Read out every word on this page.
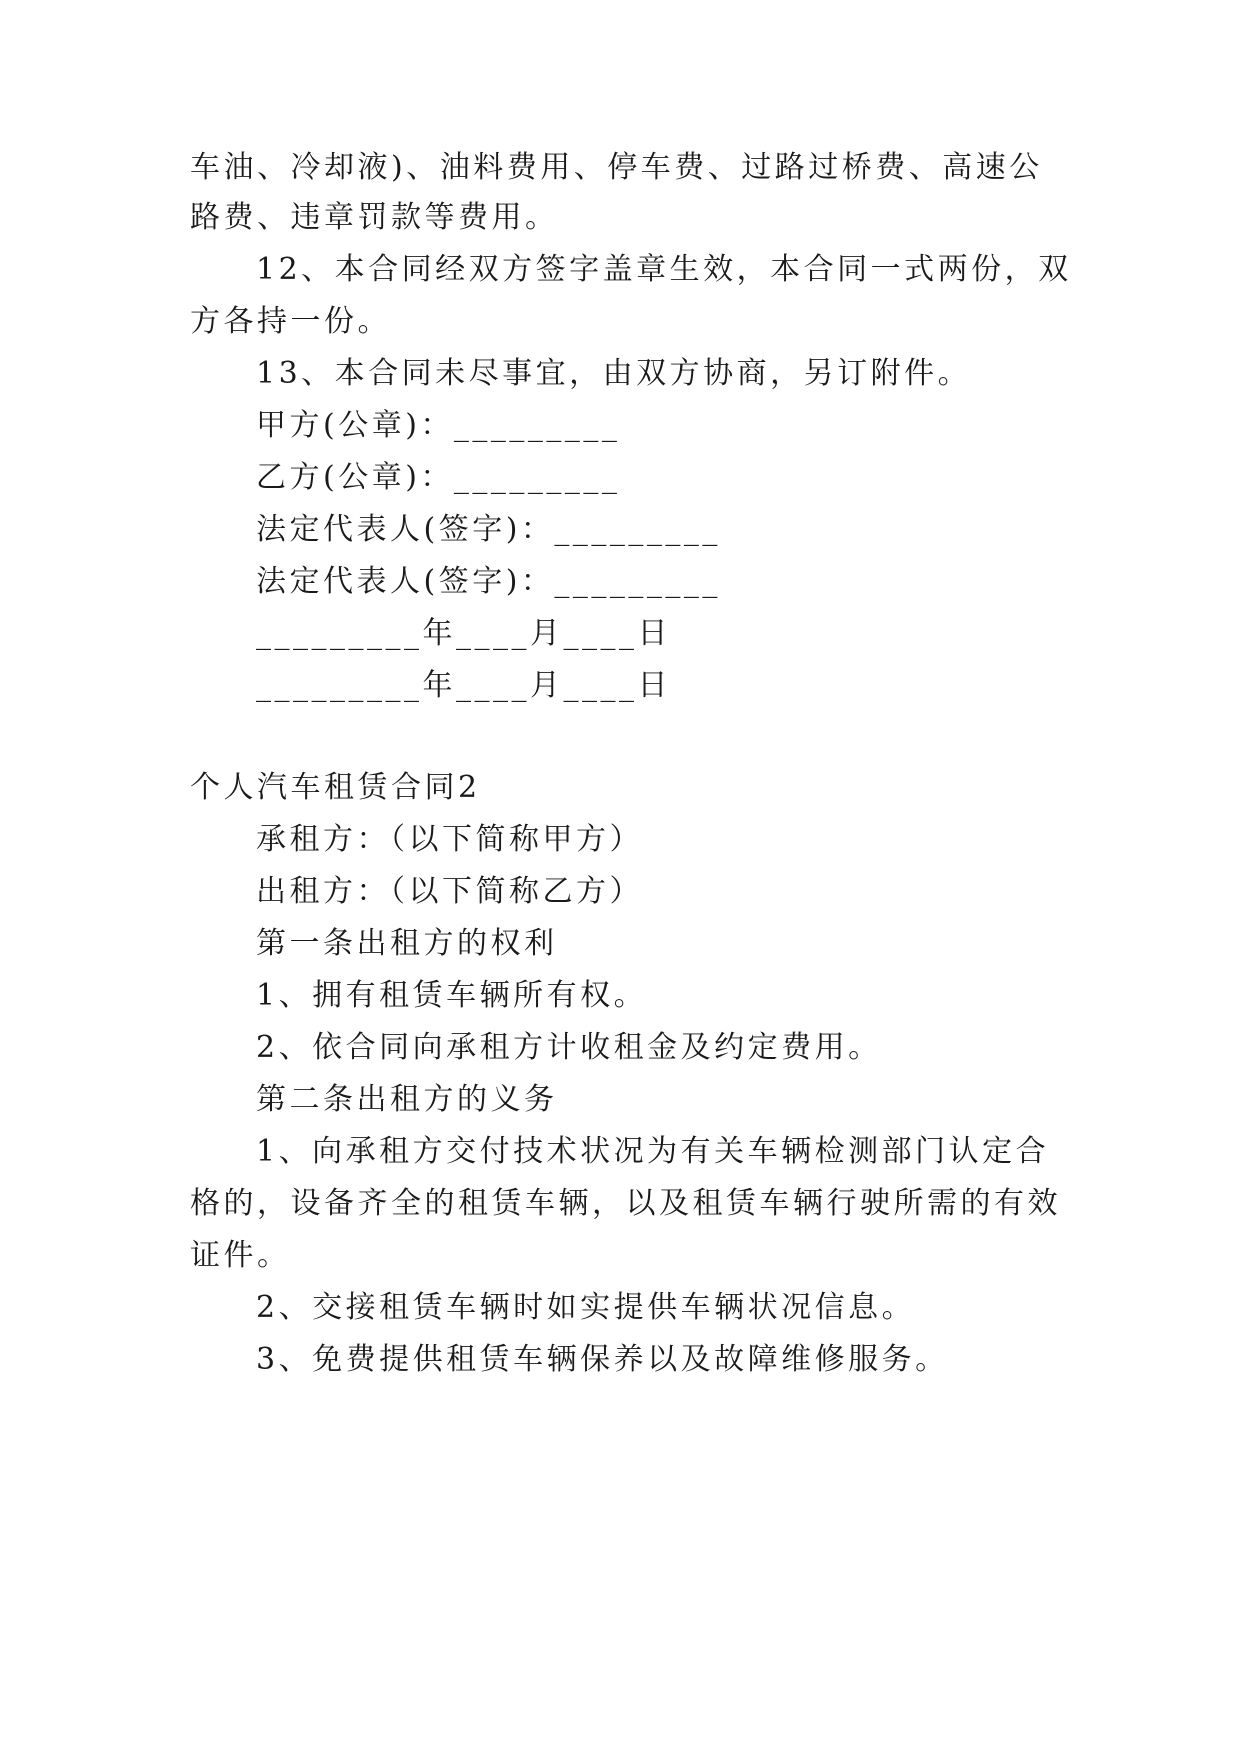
车油、冷却液)、油料费用、停车费、过路过桥费、高速公
路费、违章罚款等费用。
12、本合同经双方签字盖章生效，本合同一式两份，双
方各持一份。
13、本合同未尽事宜，由双方协商，另订附件。
甲方(公章)：_________
乙方(公章)：_________
法定代表人(签字)：_________
法定代表人(签字)：_________
_________年____月____日
_________年____月____日
个人汽车租赁合同2
承租方：（以下简称甲方）
出租方：（以下简称乙方）
第一条出租方的权利
1、拥有租赁车辆所有权。
2、依合同向承租方计收租金及约定费用。
第二条出租方的义务
1、向承租方交付技术状况为有关车辆检测部门认定合
格的，设备齐全的租赁车辆，以及租赁车辆行驶所需的有效
证件。
2、交接租赁车辆时如实提供车辆状况信息。
3、免费提供租赁车辆保养以及故障维修服务。
